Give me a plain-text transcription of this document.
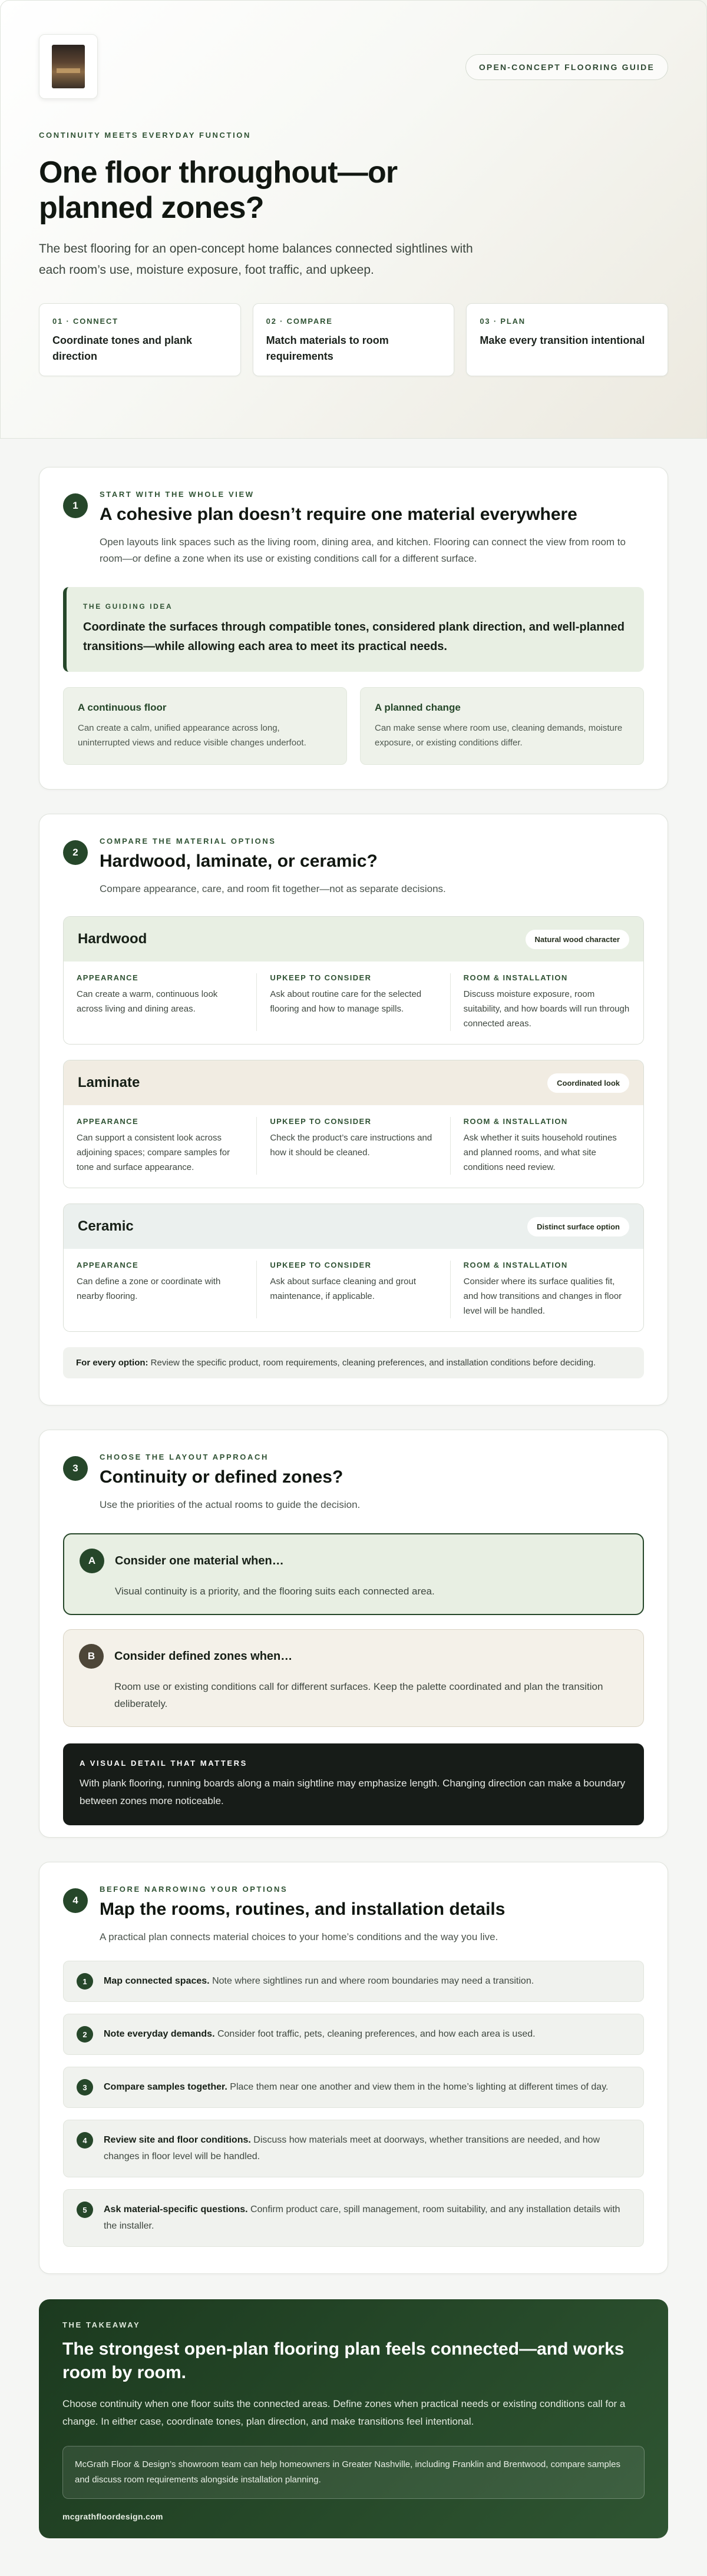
OPEN-CONCEPT FLOORING GUIDE
CONTINUITY MEETS EVERYDAY FUNCTION
One floor throughout—or planned zones?

The best flooring for an open-concept home balances connected sightlines with each room’s use, moisture exposure, foot traffic, and upkeep.

01 · CONNECT
Coordinate tones and plank direction
02 · COMPARE
Match materials to room requirements
03 · PLAN
Make every transition intentional
1
START WITH THE WHOLE VIEW
A cohesive plan doesn’t require one material everywhere

Open layouts link spaces such as the living room, dining area, and kitchen. Flooring can connect the view from room to room—or define a zone when its use or existing conditions call for a different surface.

THE GUIDING IDEA
Coordinate the surfaces through compatible tones, considered plank direction, and well-planned transitions—while allowing each area to meet its practical needs.
A continuous floor
Can create a calm, unified appearance across long, uninterrupted views and reduce visible changes underfoot.
A planned change
Can make sense where room use, cleaning demands, moisture exposure, or existing conditions differ.
2
COMPARE THE MATERIAL OPTIONS
Hardwood, laminate, or ceramic?

Compare appearance, care, and room fit together—not as separate decisions.

Hardwood	Natural wood character
APPEARANCE
Can create a warm, continuous look across living and dining areas.
UPKEEP TO CONSIDER
Ask about routine care for the selected flooring and how to manage spills.
ROOM & INSTALLATION
Discuss moisture exposure, room suitability, and how boards will run through connected areas.
Laminate	Coordinated look
APPEARANCE
Can support a consistent look across adjoining spaces; compare samples for tone and surface appearance.
UPKEEP TO CONSIDER
Check the product’s care instructions and how it should be cleaned.
ROOM & INSTALLATION
Ask whether it suits household routines and planned rooms, and what site conditions need review.
Ceramic	Distinct surface option
APPEARANCE
Can define a zone or coordinate with nearby flooring.
UPKEEP TO CONSIDER
Ask about surface cleaning and grout maintenance, if applicable.
ROOM & INSTALLATION
Consider where its surface qualities fit, and how transitions and changes in floor level will be handled.
For every option: Review the specific product, room requirements, cleaning preferences, and installation conditions before deciding.
3
CHOOSE THE LAYOUT APPROACH
Continuity or defined zones?

Use the priorities of the actual rooms to guide the decision.

A	Consider one material when…
Visual continuity is a priority, and the flooring suits each connected area.
B	Consider defined zones when…
Room use or existing conditions call for different surfaces. Keep the palette coordinated and plan the transition deliberately.
A VISUAL DETAIL THAT MATTERS
With plank flooring, running boards along a main sightline may emphasize length. Changing direction can make a boundary between zones more noticeable.
4
BEFORE NARROWING YOUR OPTIONS
Map the rooms, routines, and installation details

A practical plan connects material choices to your home’s conditions and the way you live.

1	Map connected spaces. Note where sightlines run and where room boundaries may need a transition.
2	Note everyday demands. Consider foot traffic, pets, cleaning preferences, and how each area is used.
3	Compare samples together. Place them near one another and view them in the home’s lighting at different times of day.
4	Review site and floor conditions. Discuss how materials meet at doorways, whether transitions are needed, and how changes in floor level will be handled.
5	Ask material-specific questions. Confirm product care, spill management, room suitability, and any installation details with the installer.
THE TAKEAWAY
The strongest open-plan flooring plan feels connected—and works room by room.

Choose continuity when one floor suits the connected areas. Define zones when practical needs or existing conditions call for a change. In either case, coordinate tones, plan direction, and make transitions feel intentional.

McGrath Floor & Design’s showroom team can help homeowners in Greater Nashville, including Franklin and Brentwood, compare samples and discuss room requirements alongside installation planning.
mcgrathfloordesign.com
